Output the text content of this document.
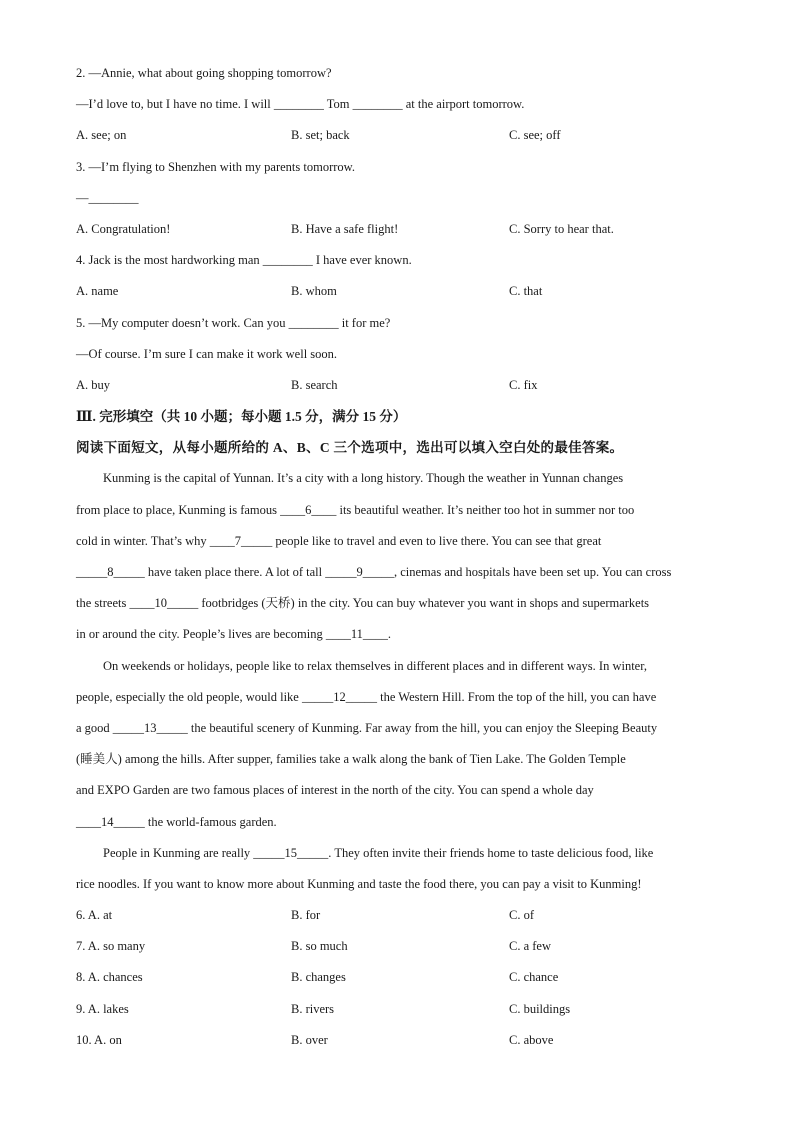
2. —Annie, what about going shopping tomorrow?
—I’d love to, but I have no time. I will ________ Tom ________ at the airport tomorrow.
A. see; on	B. set; back	C. see; off
3. —I’m flying to Shenzhen with my parents tomorrow.
—________
A. Congratulation!	B. Have a safe flight!	C. Sorry to hear that.
4. Jack is the most hardworking man ________ I have ever known.
A. name	B. whom	C. that
5. —My computer doesn’t work. Can you ________ it for me?
—Of course. I’m sure I can make it work well soon.
A. buy	B. search	C. fix
Ⅲ. 完形填空（共 10 小题；每小题 1.5 分，满分 15 分）
阅读下面短文，从每小题所给的 A、B、C 三个选项中，选出可以填入空白处的最佳答案。
Kunming is the capital of Yunnan. It’s a city with a long history. Though the weather in Yunnan changes
from place to place, Kunming is famous ____6____ its beautiful weather. It’s neither too hot in summer nor too
cold in winter. That’s why ____7_____ people like to travel and even to live there. You can see that great
_____8_____ have taken place there. A lot of tall _____9_____, cinemas and hospitals have been set up. You can cross
the streets ____10_____ footbridges (天桥) in the city. You can buy whatever you want in shops and supermarkets
in or around the city. People’s lives are becoming ____11____.
On weekends or holidays, people like to relax themselves in different places and in different ways. In winter,
people, especially the old people, would like _____12_____ the Western Hill. From the top of the hill, you can have
a good _____13_____ the beautiful scenery of Kunming. Far away from the hill, you can enjoy the Sleeping Beauty
(睡美人) among the hills. After supper, families take a walk along the bank of Tien Lake. The Golden Temple
and EXPO Garden are two famous places of interest in the north of the city. You can spend a whole day
____14_____ the world-famous garden.
People in Kunming are really _____15_____. They often invite their friends home to taste delicious food, like
rice noodles. If you want to know more about Kunming and taste the food there, you can pay a visit to Kunming!
6. A. at	B. for	C. of
7. A. so many	B. so much	C. a few
8. A. chances	B. changes	C. chance
9. A. lakes	B. rivers	C. buildings
10. A. on	B. over	C. above
